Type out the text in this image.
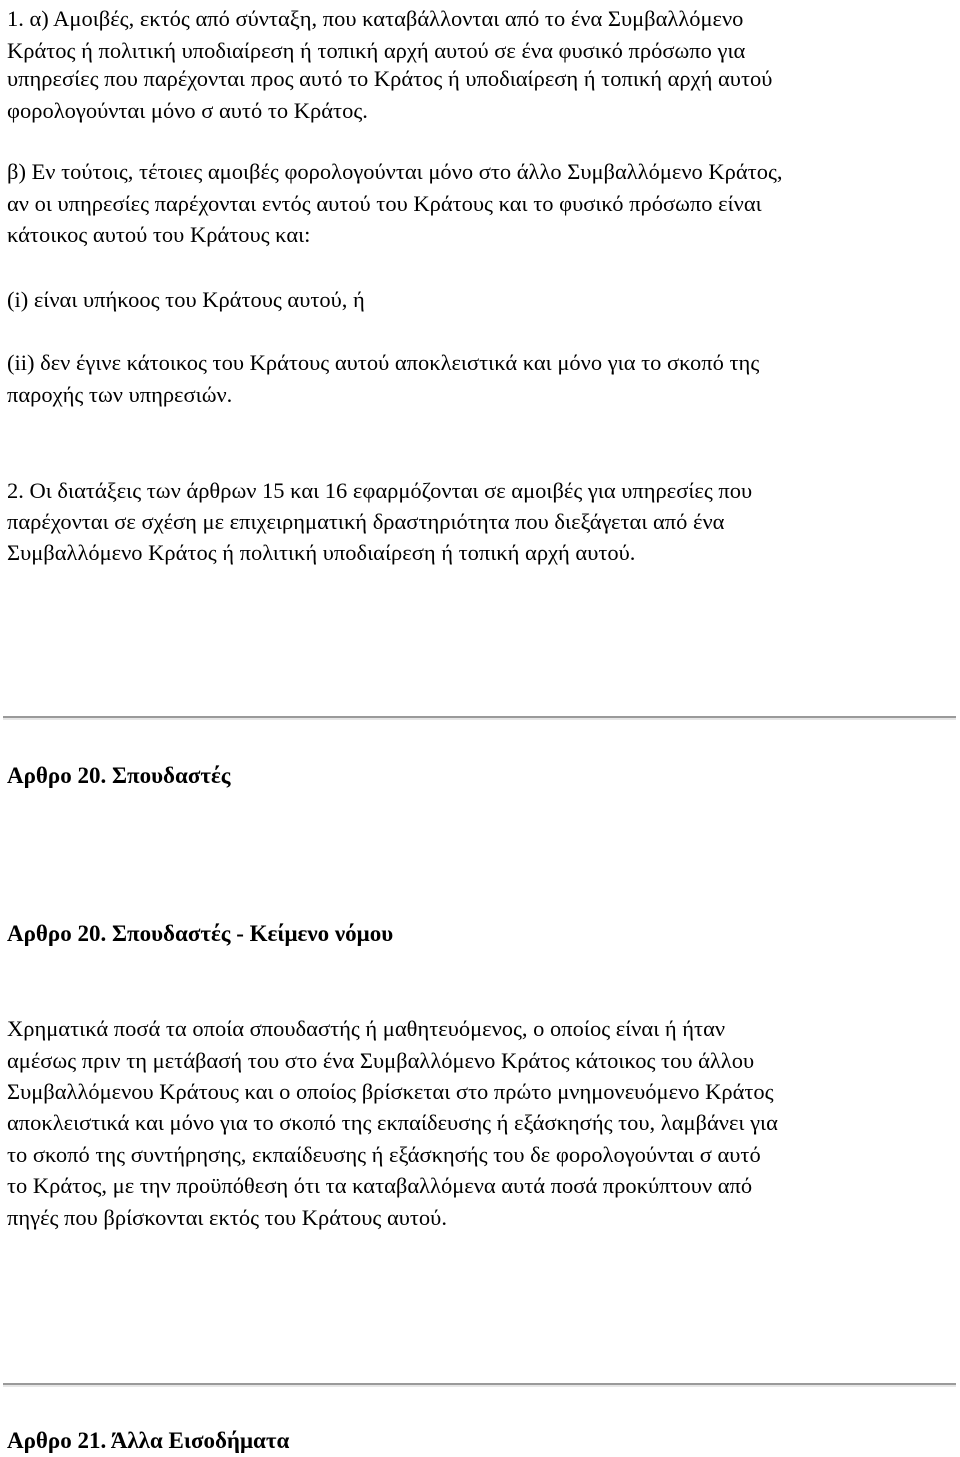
1. α) Αμοιβές, εκτός από σύνταξη, που καταβάλλονται από το ένα Συμβαλλόμενο
Κράτος ή πολιτική υποδιαίρεση ή τοπική αρχή αυτού σε ένα φυσικό πρόσωπο για
υπηρεσίες που παρέχονται προς αυτό το Κράτος ή υποδιαίρεση ή τοπική αρχή αυτού
φορολογούνται μόνο σ αυτό το Κράτος.
β) Εν τούτοις, τέτοιες αμοιβές φορολογούνται μόνο στο άλλο Συμβαλλόμενο Κράτος,
αν οι υπηρεσίες παρέχονται εντός αυτού του Κράτους και το φυσικό πρόσωπο είναι
κάτοικος αυτού του Κράτους και:
(i) είναι υπήκοος του Κράτους αυτού, ή
(ii) δεν έγινε κάτοικος του Κράτους αυτού αποκλειστικά και μόνο για το σκοπό της
παροχής των υπηρεσιών.
2. Οι διατάξεις των άρθρων 15 και 16 εφαρμόζονται σε αμοιβές για υπηρεσίες που
παρέχονται σε σχέση με επιχειρηματική δραστηριότητα που διεξάγεται από ένα
Συμβαλλόμενο Κράτος ή πολιτική υποδιαίρεση ή τοπική αρχή αυτού.
Αρθρο 20. Σπουδαστές
Αρθρο 20. Σπουδαστές - Κείμενο νόμου
Χρηματικά ποσά τα οποία σπουδαστής ή μαθητευόμενος, ο οποίος είναι ή ήταν
αμέσως πριν τη μετάβασή του στο ένα Συμβαλλόμενο Κράτος κάτοικος του άλλου
Συμβαλλόμενου Κράτους και ο οποίος βρίσκεται στο πρώτο μνημονευόμενο Κράτος
αποκλειστικά και μόνο για το σκοπό της εκπαίδευσης ή εξάσκησής του, λαμβάνει για
το σκοπό της συντήρησης, εκπαίδευσης ή εξάσκησής του δε φορολογούνται σ αυτό
το Κράτος, με την προϋπόθεση ότι τα καταβαλλόμενα αυτά ποσά προκύπτουν από
πηγές που βρίσκονται εκτός του Κράτους αυτού.
Αρθρο 21. Άλλα Εισοδήματα
